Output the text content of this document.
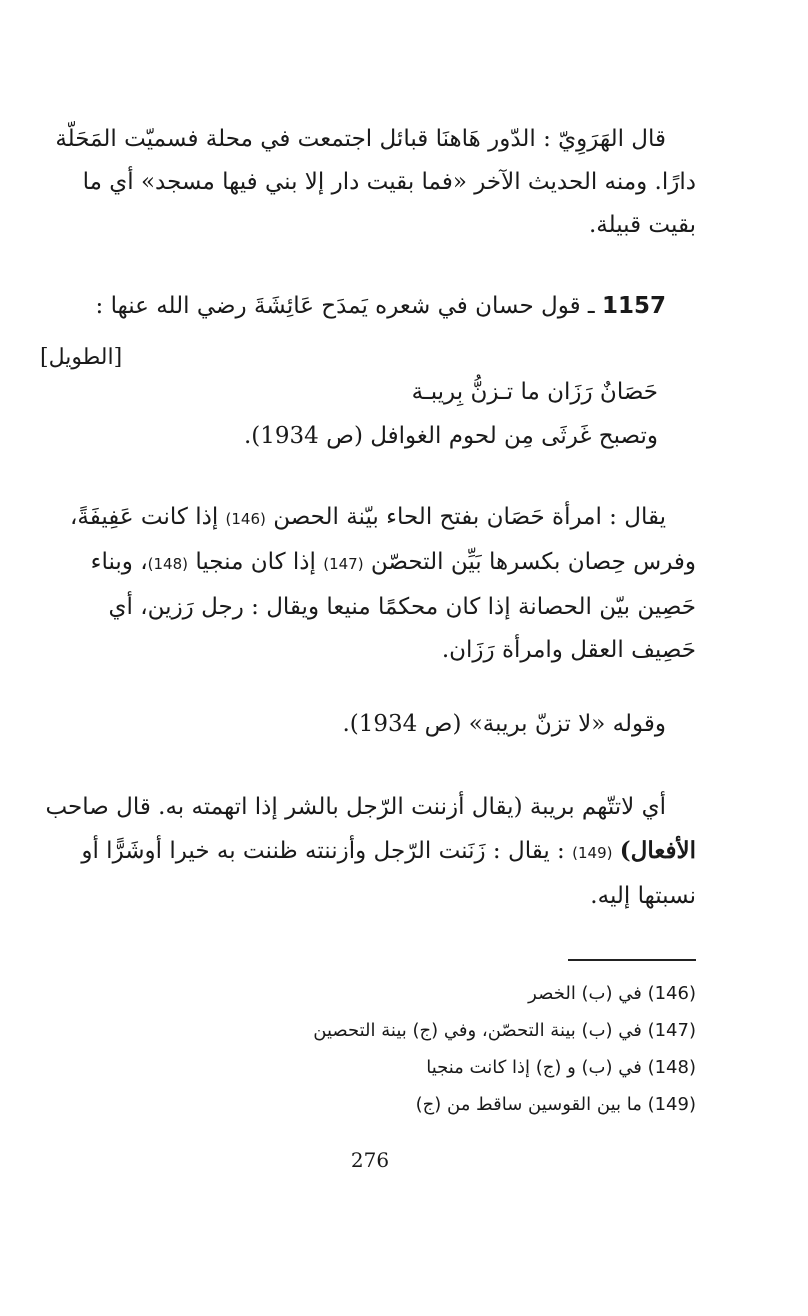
قال الهَرَوِيّ : الدّور هَاهنَا قبائل اجتمعت في محلة فسميّت المَحَلّة
دارًا. ومنه الحديث الآخر «فما بقيت دار إلا بني فيها مسجد» أي ما
بقيت قبيلة.
1157 ـ قول حسان في شعره يَمدَح عَائِشَةَ رضي الله عنها :
[الطويل]
حَصَانٌ رَزَان ما تـزنُّ بِريبـة
وتصبح غَرثَى مِن لحوم الغوافل (ص 1934).
يقال : امرأة حَصَان بفتح الحاء بيّنة الحصن (146) إذا كانت عَفِيفَةً،
وفرس حِصان بكسرها بَيِّن التحصّن (147) إذا كان منجيا (148)، وبناء
حَصِين بيّن الحصانة إذا كان محكمًا منيعا ويقال : رجل رَزين، أي
حَصِيف العقل وامرأة رَزَان.
وقوله «لا تزنّ بريبة» (ص 1934).
أي لاتتّهم بريبة (يقال أزننت الرّجل بالشر إذا اتهمته به. قال صاحب
الأفعال) (149) : يقال : زَنَنت الرّجل وأزننته ظننت به خيرا أوشَرًّا أو
نسبتها إليه.
(146) في (ب) الخصر
(147) في (ب) بينة التحصّن، وفي (ج) بينة التحصين
(148) في (ب) و (ج) إذا كانت منجيا
(149) ما بين القوسين ساقط من (ج)
276
